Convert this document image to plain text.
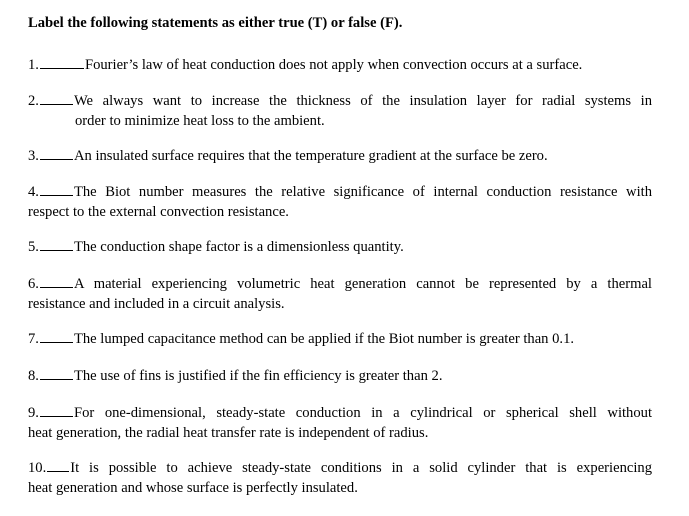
Label the following statements as either true (T) or false (F).
1.	Fourier’s law of heat conduction does not apply when convection occurs at a surface.
2. We always want to increase the thickness of the insulation layer for radial systems in
order to minimize heat loss to the ambient.
3. An insulated surface requires that the temperature gradient at the surface be zero.
4. The Biot number measures the relative significance of internal conduction resistance with
respect to the external convection resistance.
5. The conduction shape factor is a dimensionless quantity.
6. A material experiencing volumetric heat generation cannot be represented by a thermal
resistance and included in a circuit analysis.
7. The lumped capacitance method can be applied if the Biot number is greater than 0.1.
8. The use of fins is justified if the fin efficiency is greater than 2.
9. For one-dimensional, steady-state conduction in a cylindrical or spherical shell without
heat generation, the radial heat transfer rate is independent of radius.
10. It is possible to achieve steady-state conditions in a solid cylinder that is experiencing
heat generation and whose surface is perfectly insulated.
